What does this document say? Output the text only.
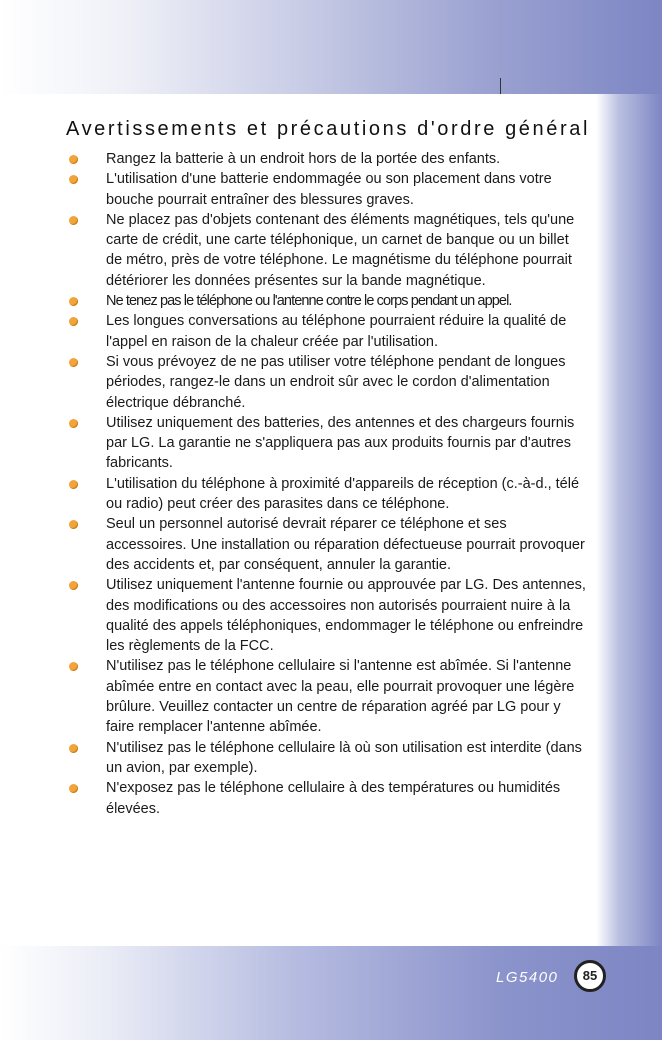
Avertissements et précautions d'ordre général
Rangez la batterie à un endroit hors de la portée des enfants.
L'utilisation d'une batterie endommagée ou son placement dans votre bouche pourrait entraîner des blessures graves.
Ne placez pas d'objets contenant des éléments magnétiques, tels qu'une carte de crédit, une carte téléphonique, un carnet de banque ou un billet de métro, près de votre téléphone. Le magnétisme du téléphone pourrait détériorer les données présentes sur la bande magnétique.
Ne tenez pas le téléphone ou l'antenne contre le corps pendant un appel.
Les longues conversations au téléphone pourraient réduire la qualité de l'appel en raison de la chaleur créée par l'utilisation.
Si vous prévoyez de ne pas utiliser votre téléphone pendant de longues périodes, rangez-le dans un endroit sûr avec le cordon d'alimentation électrique débranché.
Utilisez uniquement des batteries, des antennes et des chargeurs fournis par LG. La garantie ne s'appliquera pas aux produits fournis par d'autres fabricants.
L'utilisation du téléphone à proximité d'appareils de réception (c.-à-d., télé ou radio) peut créer des parasites dans ce téléphone.
Seul un personnel autorisé devrait réparer ce téléphone et ses accessoires. Une installation ou réparation défectueuse pourrait provoquer des accidents et, par conséquent, annuler la garantie.
Utilisez uniquement l'antenne fournie ou approuvée par LG. Des antennes, des modifications ou des accessoires non autorisés pourraient nuire à la qualité des appels téléphoniques, endommager le téléphone ou enfreindre les règlements de la FCC.
N'utilisez pas le téléphone cellulaire si l'antenne est abîmée. Si l'antenne abîmée entre en contact avec la peau, elle pourrait provoquer une légère brûlure. Veuillez contacter un centre de réparation agréé par LG pour y faire remplacer l'antenne abîmée.
N'utilisez pas le téléphone cellulaire là où son utilisation est interdite (dans un avion, par exemple).
N'exposez pas le téléphone cellulaire à des températures ou humidités élevées.
LG5400	85
